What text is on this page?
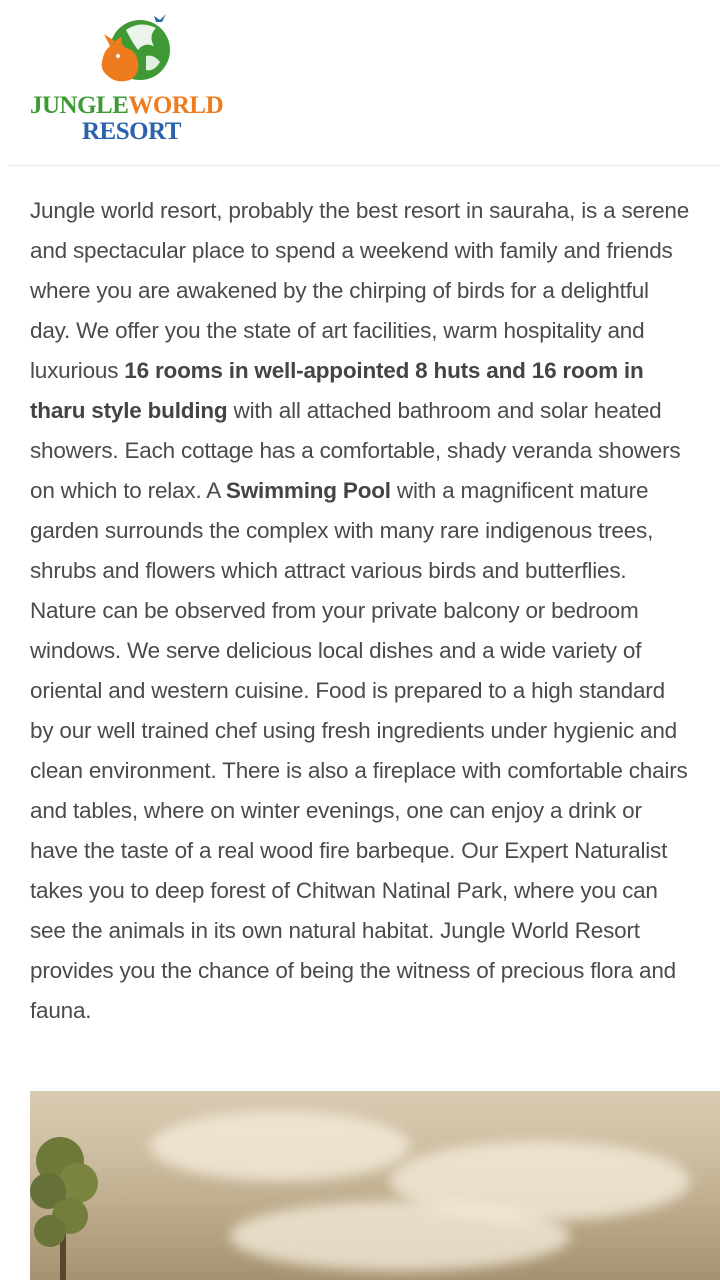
JUNGLEWORLD
RESORT

Jungle world resort, probably the best resort in sauraha, is a serene and spectacular place to spend a weekend with family and friends where you are awakened by the chirping of birds for a delightful day. We offer you the state of art facilities, warm hospitality and luxurious 16 rooms in well-appointed 8 huts and 16 room in tharu style bulding with all attached bathroom and solar heated showers. Each cottage has a comfortable, shady veranda showers on which to relax. A Swimming Pool with a magnificent mature garden surrounds the complex with many rare indigenous trees, shrubs and flowers which attract various birds and butterflies. Nature can be observed from your private balcony or bedroom windows. We serve delicious local dishes and a wide variety of oriental and western cuisine. Food is prepared to a high standard by our well trained chef using fresh ingredients under hygienic and clean environment. There is also a fireplace with comfortable chairs and tables, where on winter evenings, one can enjoy a drink or have the taste of a real wood fire barbeque. Our Expert Naturalist takes you to deep forest of Chitwan Natinal Park, where you can see the animals in its own natural habitat. Jungle World Resort provides you the chance of being the witness of precious flora and fauna.
